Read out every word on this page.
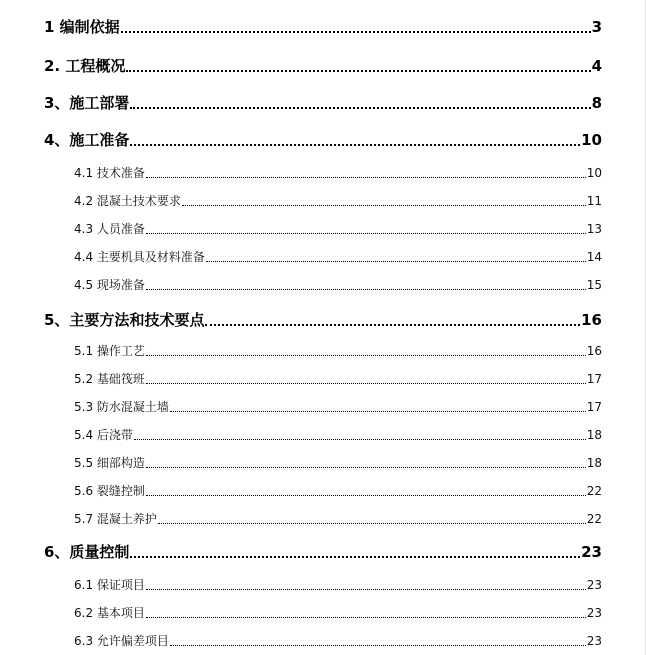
1 编制依据	3
2. 工程概况	4
3、施工部署	8
4、施工准备	10
4.1 技术准备	10
4.2 混凝土技术要求	11
4.3 人员准备	13
4.4 主要机具及材料准备	14
4.5 现场准备	15
5、主要方法和技术要点	16
5.1 操作工艺	16
5.2 基础筏班	17
5.3 防水混凝土墙	17
5.4 后浇带	18
5.5 细部构造	18
5.6 裂缝控制	22
5.7 混凝土养护	22
6、质量控制	23
6.1 保证项目	23
6.2 基本项目	23
6.3 允许偏差项目	23
